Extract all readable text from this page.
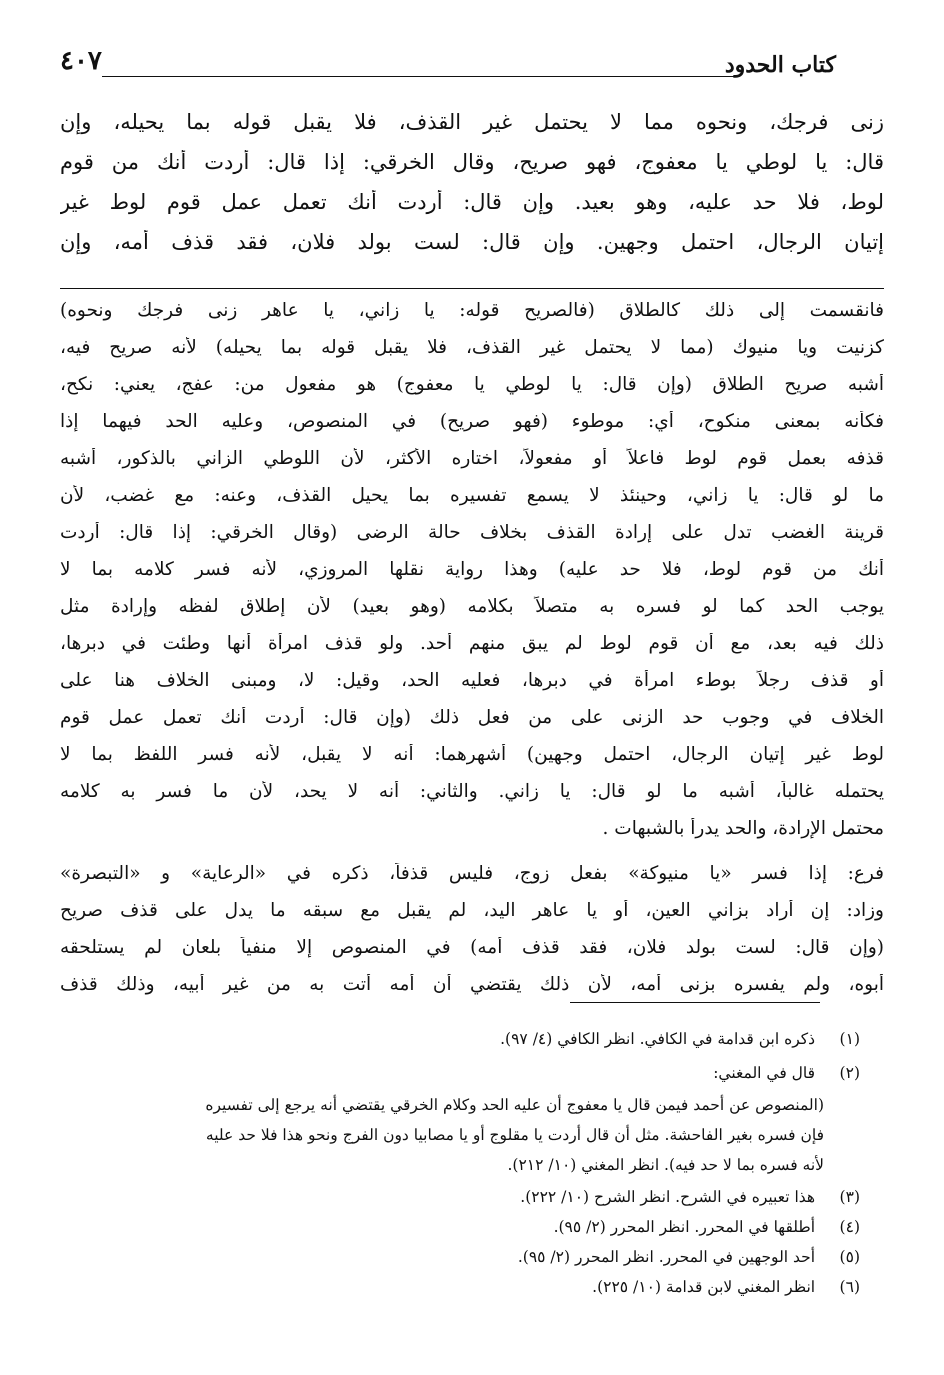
كتاب الحدود
٤٠٧
زنى فرجك، ونحوه مما لا يحتمل غير القذف، فلا يقبل قوله بما يحيله، وإن
قال: يا لوطي يا معفوج، فهو صريح، وقال الخرقي: إذا قال: أردت أنك من قوم
لوط، فلا حد عليه، وهو بعيد. وإن قال: أردت أنك تعمل عمل قوم لوط غير
إتيان الرجال، احتمل وجهين. وإن قال: لست بولد فلان، فقد قذف أمه، وإن
فانقسمت إلى ذلك كالطلاق (فالصريح قوله: يا زاني، يا عاهر زنى فرجك ونحوه)
كزنيت ويا منيوك (مما لا يحتمل غير القذف، فلا يقبل قوله بما يحيله) لأنه صريح فيه،
أشبه صريح الطلاق (وإن قال: يا لوطي يا معفوج) هو مفعول من: عفج، يعني: نكح،
فكأنه بمعنى منكوح، أي: موطوء (فهو صريح) في المنصوص، وعليه الحد فيهما إذا
قذفه بعمل قوم لوط فاعلاً أو مفعولاً، اختاره الأكثر، لأن اللوطي الزاني بالذكور، أشبه
ما لو قال: يا زاني، وحينئذ لا يسمع تفسيره بما يحيل القذف، وعنه: مع غضب، لأن
قرينة الغضب تدل على إرادة القذف بخلاف حالة الرضى (وقال الخرقي: إذا قال: أردت
أنك من قوم لوط، فلا حد عليه) وهذا رواية نقلها المروزي، لأنه فسر كلامه بما لا
يوجب الحد كما لو فسره به متصلاً بكلامه (وهو بعيد) لأن إطلاق لفظه وإرادة مثل
ذلك فيه بعد، مع أن قوم لوط لم يبق منهم أحد. ولو قذف امرأة أنها وطئت في دبرها،
أو قذف رجلاً بوطء امرأة في دبرها، فعليه الحد، وقيل: لا، ومبنى الخلاف هنا على
الخلاف في وجوب حد الزنى على من فعل ذلك (وإن قال: أردت أنك تعمل عمل قوم
لوط غير إتيان الرجال، احتمل وجهين) أشهرهما: أنه لا يقبل، لأنه فسر اللفظ بما لا
يحتمله غالباً، أشبه ما لو قال: يا زاني. والثاني: أنه لا يحد، لأن ما فسر به كلامه
محتمل الإرادة، والحد يدرأ بالشبهات .
فرع: إذا فسر «يا منيوكة» بفعل زوج، فليس قذفاً، ذكره في «الرعاية» و «التبصرة»
وزاد: إن أراد بزاني العين، أو يا عاهر اليد، لم يقبل مع سبقه ما يدل على قذف صريح
(وإن قال: لست بولد فلان، فقد قذف أمه) في المنصوص إلا منفياً بلعان لم يستلحقه
أبوه، ولم يفسره بزنى أمه، لأن ذلك يقتضي أن أمه أتت به من غير أبيه، وذلك قذف
(١) ذكره ابن قدامة في الكافي. انظر الكافي (٤/ ٩٧).
(٢) قال في المغني:
(المنصوص عن أحمد فيمن قال يا معفوج أن عليه الحد وكلام الخرقي يقتضي أنه يرجع إلى تفسيره
فإن فسره بغير الفاحشة. مثل أن قال أردت يا مقلوج أو يا مصابيا دون الفرج ونحو هذا فلا حد عليه
لأنه فسره بما لا حد فيه). انظر المغني (١٠/ ٢١٢).
(٣) هذا تعبيره في الشرح. انظر الشرح (١٠/ ٢٢٢).
(٤) أطلقها في المحرر. انظر المحرر (٢/ ٩٥).
(٥) أحد الوجهين في المحرر. انظر المحرر (٢/ ٩٥).
(٦) انظر المغني لابن قدامة (١٠/ ٢٢٥).
